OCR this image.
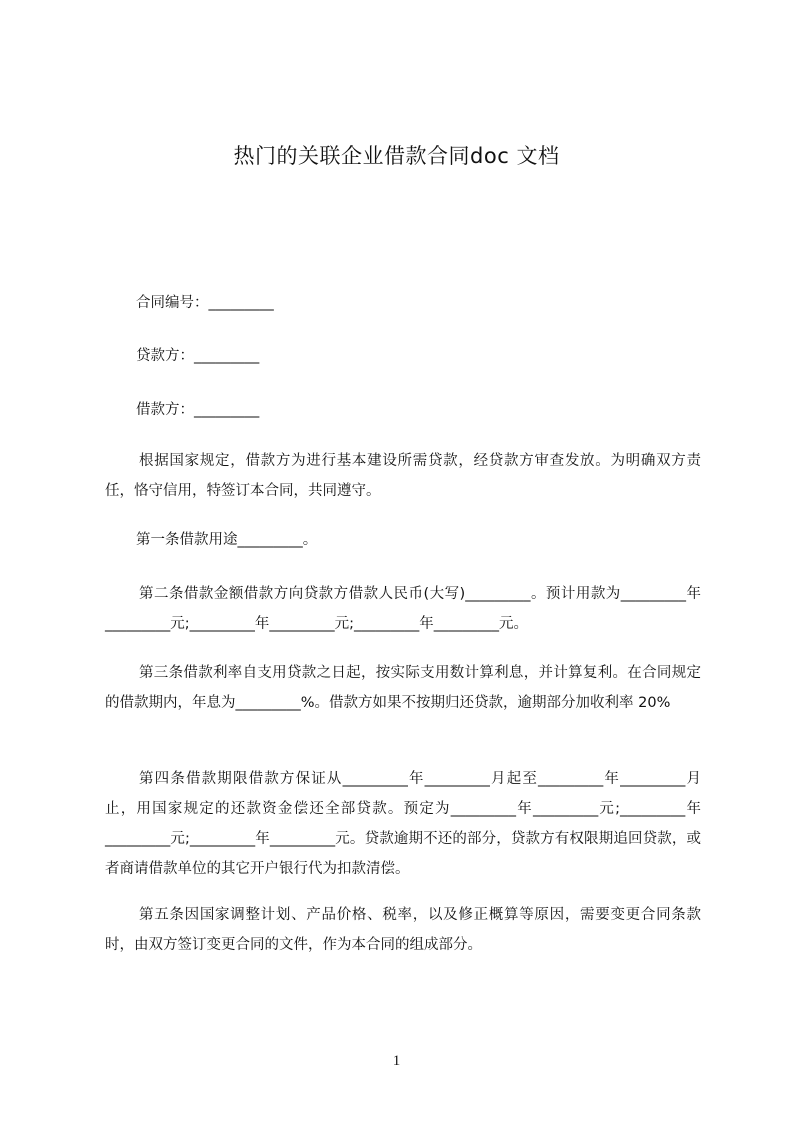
热门的关联企业借款合同doc 文档
合同编号：_________
贷款方：_________
借款方：_________
根据国家规定，借款方为进行基本建设所需贷款，经贷款方审查发放。为明确双方责任，恪守信用，特签订本合同，共同遵守。
第一条借款用途_________。
第二条借款金额借款方向贷款方借款人民币(大写)_________。预计用款为_________年_________元;_________年_________元;_________年_________元。
第三条借款利率自支用贷款之日起，按实际支用数计算利息，并计算复利。在合同规定的借款期内，年息为_________%。借款方如果不按期归还贷款，逾期部分加收利率 20%
第四条借款期限借款方保证从_________年_________月起至_________年_________月止，用国家规定的还款资金偿还全部贷款。预定为_________年_________元;_________年_________元;_________年_________元。贷款逾期不还的部分，贷款方有权限期追回贷款，或者商请借款单位的其它开户银行代为扣款清偿。
第五条因国家调整计划、产品价格、税率，以及修正概算等原因，需要变更合同条款时，由双方签订变更合同的文件，作为本合同的组成部分。
1
